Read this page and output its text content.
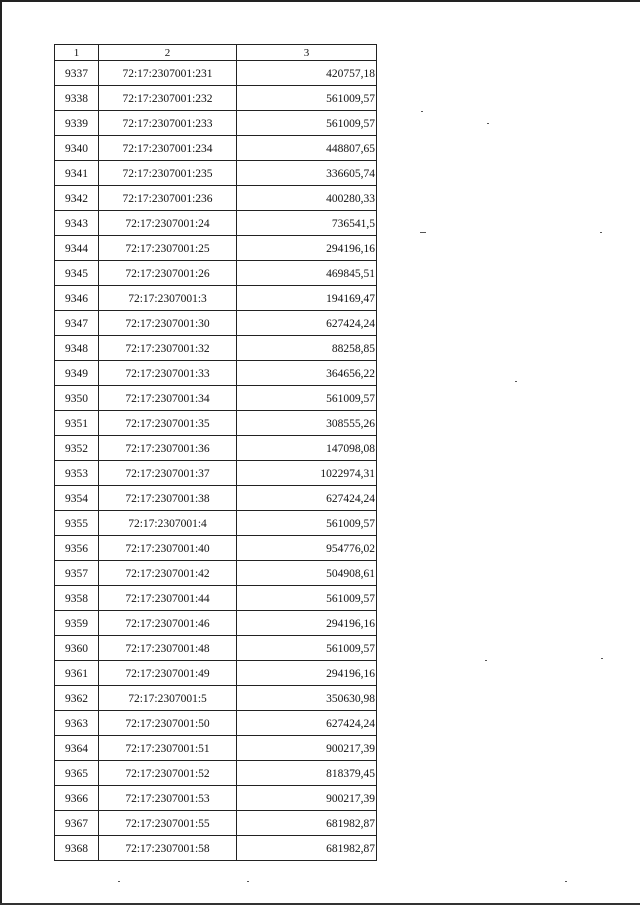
1	2	3
9337	72:17:2307001:231	420757,18
9338	72:17:2307001:232	561009,57
9339	72:17:2307001:233	561009,57
9340	72:17:2307001:234	448807,65
9341	72:17:2307001:235	336605,74
9342	72:17:2307001:236	400280,33
9343	72:17:2307001:24	736541,5
9344	72:17:2307001:25	294196,16
9345	72:17:2307001:26	469845,51
9346	72:17:2307001:3	194169,47
9347	72:17:2307001:30	627424,24
9348	72:17:2307001:32	88258,85
9349	72:17:2307001:33	364656,22
9350	72:17:2307001:34	561009,57
9351	72:17:2307001:35	308555,26
9352	72:17:2307001:36	147098,08
9353	72:17:2307001:37	1022974,31
9354	72:17:2307001:38	627424,24
9355	72:17:2307001:4	561009,57
9356	72:17:2307001:40	954776,02
9357	72:17:2307001:42	504908,61
9358	72:17:2307001:44	561009,57
9359	72:17:2307001:46	294196,16
9360	72:17:2307001:48	561009,57
9361	72:17:2307001:49	294196,16
9362	72:17:2307001:5	350630,98
9363	72:17:2307001:50	627424,24
9364	72:17:2307001:51	900217,39
9365	72:17:2307001:52	818379,45
9366	72:17:2307001:53	900217,39
9367	72:17:2307001:55	681982,87
9368	72:17:2307001:58	681982,87
